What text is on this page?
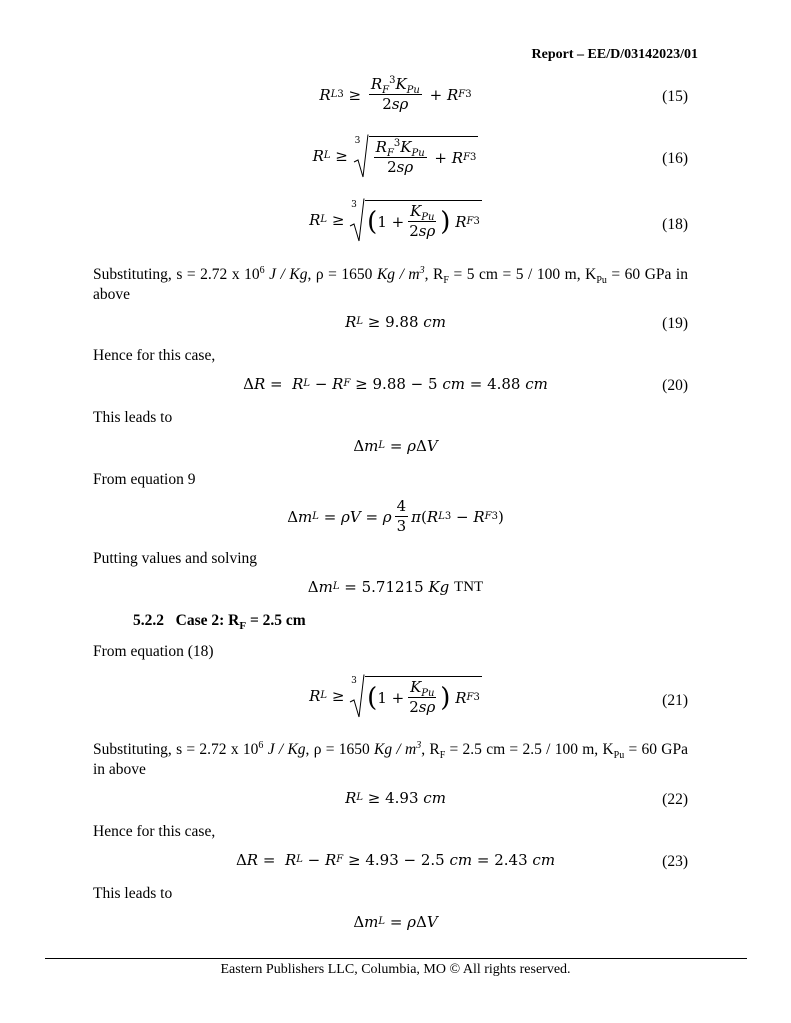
Report – EE/D/03142023/01
R L $3 \ge \frac{R_F^3K_{Pu}}{2s\rho} + R$ F 3	(15)
R L ≥
$3 \frac{R_F^3K_{Pu}}{2s\rho} + R$ F 3	(16)
R L ≥
3
( $1 + \frac{K_{Pu}}{2s\rho}$ )
R F 3	(18)
Substituting, s = 2.72 x $10^6$ J / Kg, ρ = 1650 Kg / $m^3$, $R_F = 5$ cm = 5 / 100 m, $K_{Pu} = 60$ GPa in above
R L ≥ 9.88
cm	(19)
Hence for this case,
Δ R = R L − R F ≥ 9.88 − 5
cm = 4.88
cm	(20)
This leads to
Δ m L = ρ Δ V
From equation 9
Δ m L = ρV = ρ $\frac{4}{3}$ π ( R L 3 − R F 3 )
Putting values and solving
Δ m L = 5.71215
Kg
TNT
5.2.2 Case 2: $R_F = 2.5$ cm
From equation (18)
R L ≥
3
( $1 + \frac{K_{Pu}}{2s\rho}$ )
R F 3	(21)
Substituting, s = 2.72 x $10^6$ J / Kg, ρ = 1650 Kg / $m^3$, $R_F = 2.5$ cm = 2.5 / 100 m, $K_{Pu} = 60$ GPa in above
R L ≥ 4.93
cm	(22)
Hence for this case,
Δ R = R L − R F ≥ 4.93 − 2.5
cm = 2.43
cm	(23)
This leads to
Δ m L = ρ Δ V
Eastern Publishers LLC, Columbia, MO © All rights reserved.
